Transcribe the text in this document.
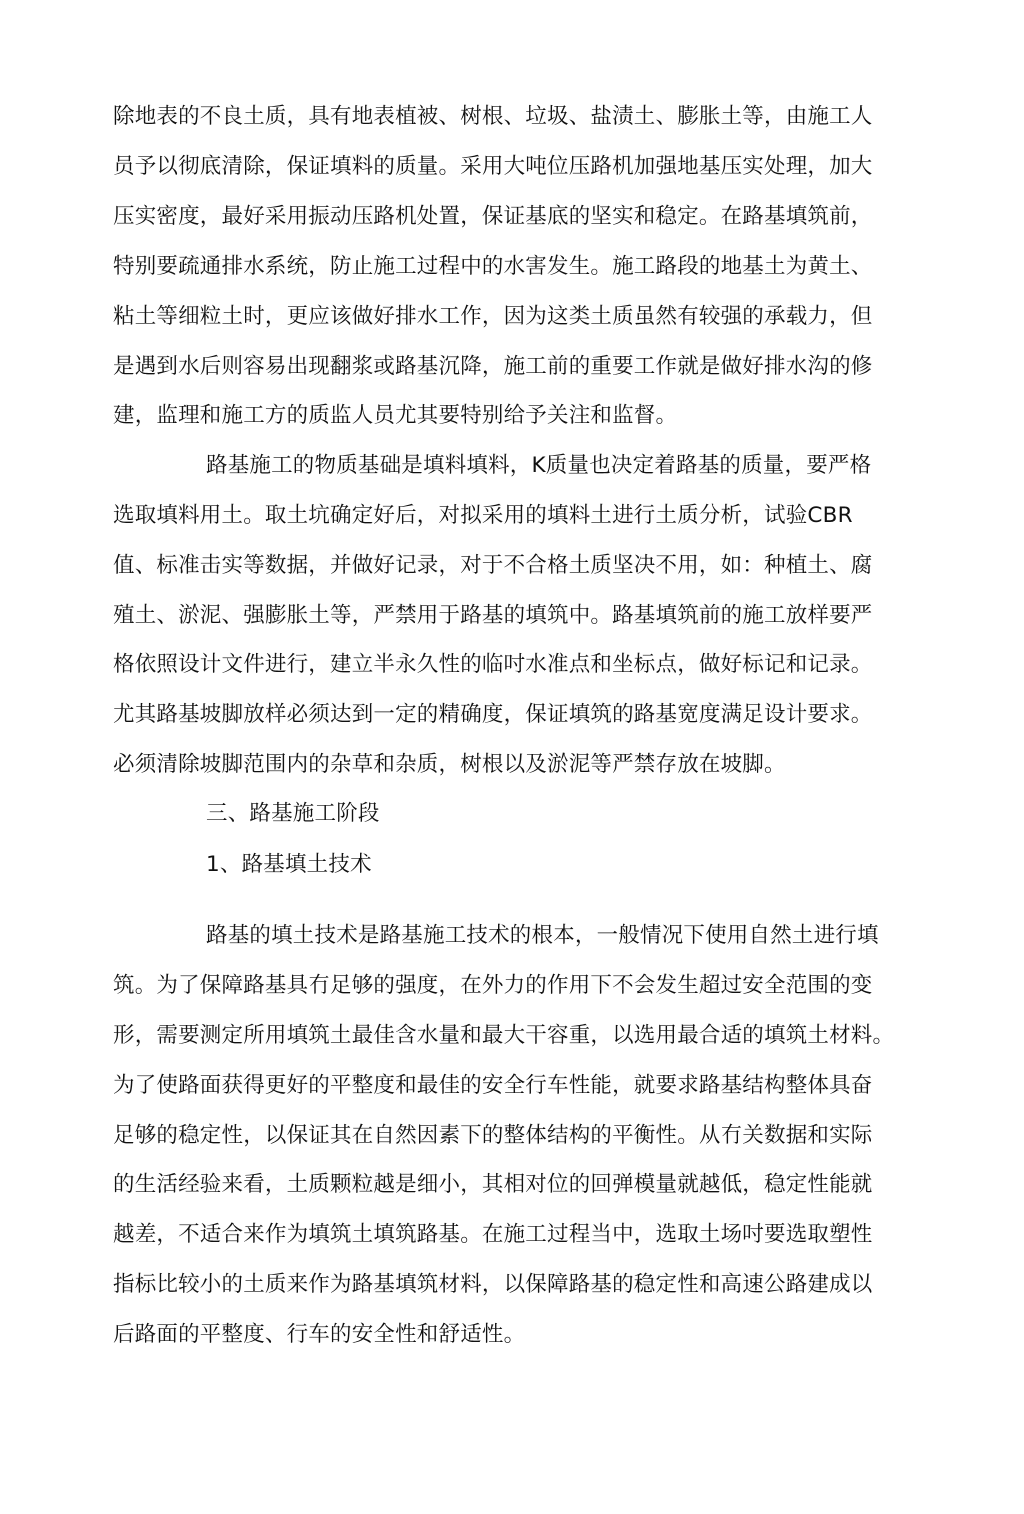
除地表的不良土质，具有地表植被、树根、垃圾、盐渍土、膨胀土等，由施工人

员予以彻底清除，保证填料的质量。采用大吨位压路机加强地基压实处理，加大

压实密度，最好采用振动压路机处置，保证基底的坚实和稳定。在路基填筑前，

特别要疏通排水系统，防止施工过程中的水害发生。施工路段的地基土为黄土、

粘土等细粒土时，更应该做好排水工作，因为这类土质虽然有较强的承载力，但

是遇到水后则容易出现翻浆或路基沉降，施工前的重要工作就是做好排水沟的修

建，监理和施工方的质监人员尤其要特别给予关注和监督。

路基施工的物质基础是填料填料，K质量也决定着路基的质量，要严格

选取填料用土。取土坑确定好后，对拟采用的填料土进行土质分析，试验CBR

值、标准击实等数据，并做好记录，对于不合格土质坚决不用，如：种植土、腐

殖土、淤泥、强膨胀土等，严禁用于路基的填筑中。路基填筑前的施工放样要严

格依照设计文件进行，建立半永久性的临吋水准点和坐标点，做好标记和记录。

尤其路基坡脚放样必须达到一定的精确度，保证填筑的路基宽度满足设计要求。

必须清除坡脚范围内的杂草和杂质，树根以及淤泥等严禁存放在坡脚。

三、路基施工阶段

1、路基填土技术

路基的填土技术是路基施工技术的根本，一般情况下使用自然土进行填

筑。为了保障路基具冇足够的强度，在外力的作用下不会发生超过安全范围的变

形，需要测定所用填筑土最佳含水量和最大干容重，以选用最合适的填筑土材料。

为了使路面获得更好的平整度和最佳的安全行车性能，就要求路基结构整体具奋

足够的稳定性，以保证其在自然因素下的整体结构的平衡性。从冇关数据和实际

的生活经验来看，土质颗粒越是细小，其相对位的回弹模量就越低，稳定性能就

越差，不适合来作为填筑土填筑路基。在施工过程当中，选取土场吋要选取塑性

指标比较小的土质来作为路基填筑材料，以保障路基的稳定性和高速公路建成以

后路面的平整度、行车的安全性和舒适性。
